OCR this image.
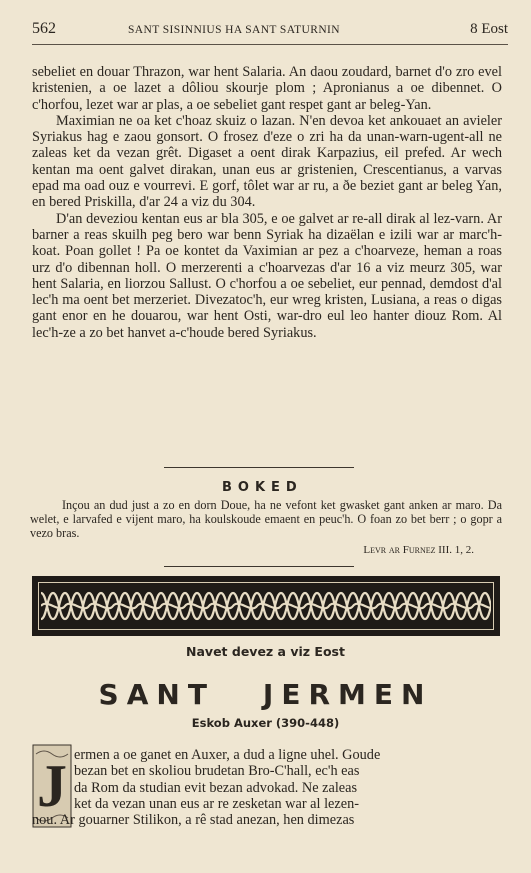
562	SANT SISINNIUS HA SANT SATURNIN	8 Eost

sebeliet en douar Thrazon, war hent Salaria. An daou zoudard, barnet d'o zro evel kristenien, a oe lazet a dôliou skourje plom ; Apronianus a oe dibennet. O c'horfou, lezet war ar plas, a oe sebeliet gant respet gant ar beleg-Yan.

Maximian ne oa ket c'hoaz skuiz o lazan. N'en devoa ket ankouaet an avieler Syriakus hag e zaou gonsort. O frosez d'eze o zri ha da unan-warn-ugent-all ne zaleas ket da vezan grêt. Digaset a oent dirak Karpazius, eil prefed. Ar wech kentan ma oent galvet dirakan, unan eus ar gristenien, Crescentianus, a varvas epad ma oad ouz e vourrevi. E gorf, tôlet war ar ru, a ðe beziet gant ar beleg Yan, en bered Priskilla, d'ar 24 a viz du 304.

D'an deveziou kentan eus ar bla 305, e oe galvet ar re-all dirak al lez-varn. Ar barner a reas skuilh peg bero war benn Syriak ha dizaëlan e izili war ar marc'h-koat. Poan gollet ! Pa oe kontet da Vaximian ar pez a c'hoarveze, heman a roas urz d'o dibennan holl. O merzerenti a c'hoarvezas d'ar 16 a viz meurz 305, war hent Salaria, en liorzou Sallust. O c'horfou a oe sebeliet, eur pennad, demdost d'al lec'h ma oent bet merzeriet. Divezatoc'h, eur wreg kristen, Lusiana, a reas o digas gant enor en he douarou, war hent Osti, war-dro eul leo hanter diouz Rom. Al lec'h-ze a zo bet hanvet a-c'houde bered Syriakus.

BOKED

Inçou an dud just a zo en dorn Doue, ha ne vefont ket gwasket gant anken ar maro. Da welet, e larvafed e vijent maro, ha koulskoude emaent en peuc'h. O foan zo bet berr ; o gopr a vezo bras.

Levr ar Furnez III. 1, 2.
Navet devez a viz Eost
SANT JERMEN
Eskob Auxer (390-448)
J ermen a oe ganet en Auxer, a dud a ligne uhel. Goude
bezan bet en skoliou brudetan Bro-C'hall, ec'h eas
da Rom da studian evit bezan advokad. Ne zaleas
ket da vezan unan eus ar re zesketan war al lezen-
nou. Ar gouarner Stilikon, a rê stad anezan, hen dimezas
